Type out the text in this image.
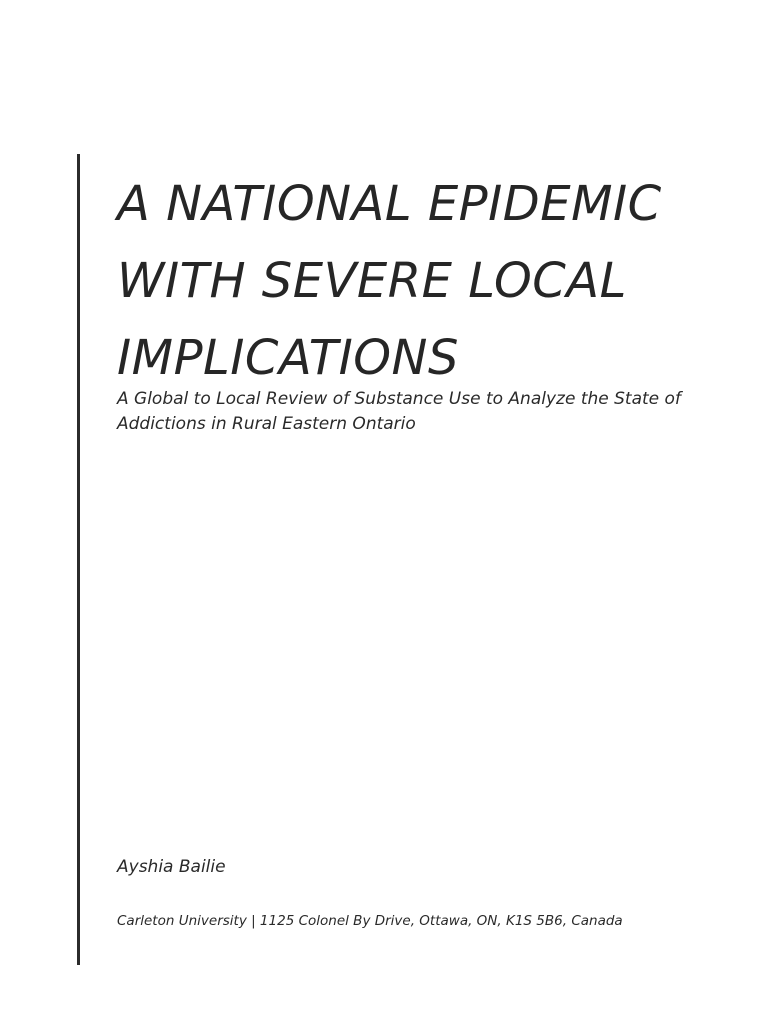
A NATIONAL EPIDEMIC
WITH SEVERE LOCAL
IMPLICATIONS

A Global to Local Review of Substance Use to Analyze the State of Addictions in Rural Eastern Ontario

Ayshia Bailie

Carleton University | 1125 Colonel By Drive, Ottawa, ON, K1S 5B6, Canada
